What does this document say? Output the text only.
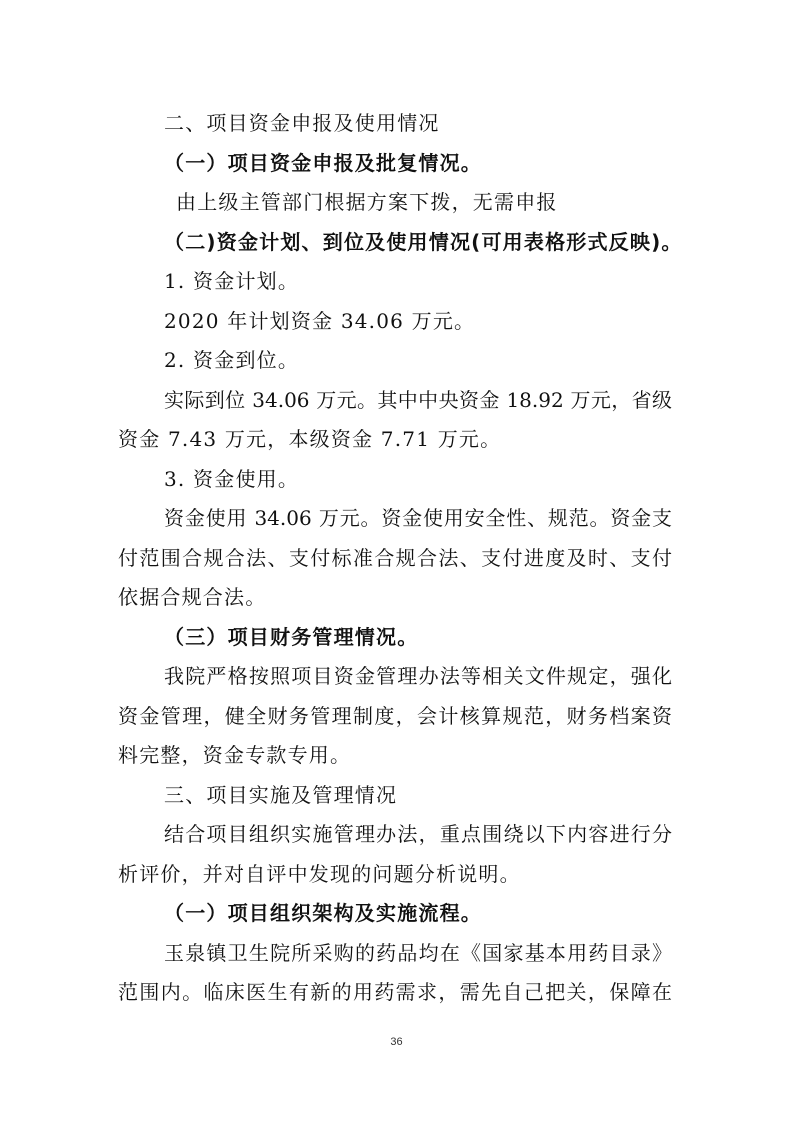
二、项目资金申报及使用情况
（一）项目资金申报及批复情况。
由上级主管部门根据方案下拨，无需申报
（二)资金计划、到位及使用情况(可用表格形式反映)。
1. 资金计划。
2020 年计划资金 34.06 万元。
2. 资金到位。
实际到位 34.06 万元。其中中央资金 18.92 万元，省级
资金 7.43 万元，本级资金 7.71 万元。
3. 资金使用。
资金使用 34.06 万元。资金使用安全性、规范。资金支
付范围合规合法、支付标准合规合法、支付进度及时、支付
依据合规合法。
（三）项目财务管理情况。
我院严格按照项目资金管理办法等相关文件规定，强化
资金管理，健全财务管理制度，会计核算规范，财务档案资
料完整，资金专款专用。
三、项目实施及管理情况
结合项目组织实施管理办法，重点围绕以下内容进行分
析评价，并对自评中发现的问题分析说明。
（一）项目组织架构及实施流程。
玉泉镇卫生院所采购的药品均在《国家基本用药目录》
范围内。临床医生有新的用药需求，需先自己把关，保障在
36
